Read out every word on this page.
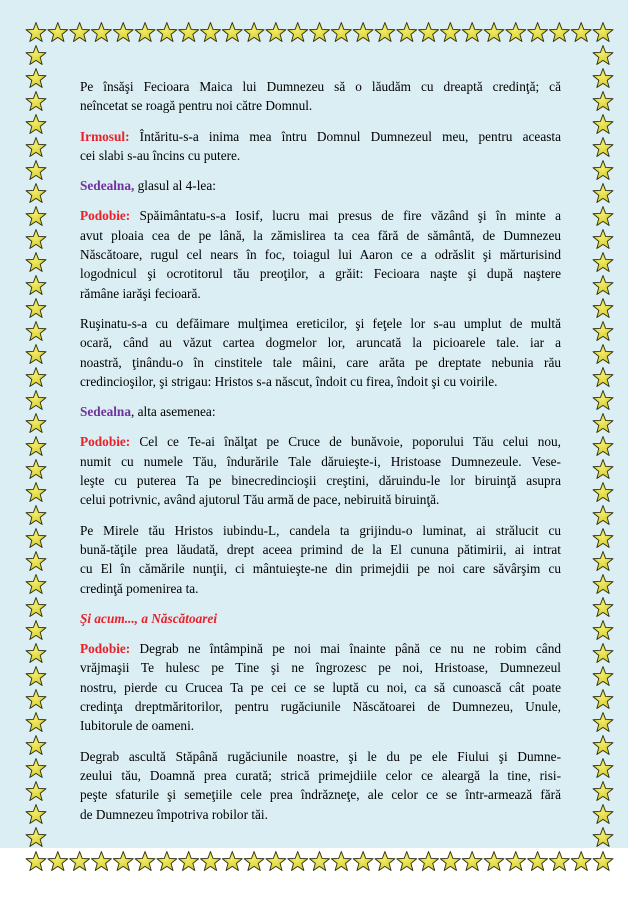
Pe însăşi Fecioara Maica lui Dumnezeu să o lăudăm cu dreaptă credinţă; că
neîncetat se roagă pentru noi către Domnul.
Irmosul: Întăritu-s-a inima mea întru Domnul Dumnezeul meu, pentru aceasta
cei slabi s-au încins cu putere.
Sedealna, glasul al 4-lea:
Podobie: Spăimântatu-s-a Iosif, lucru mai presus de fire văzând şi în minte a
avut ploaia cea de pe lână, la zămislirea ta cea fără de sământă, de Dumnezeu
Născătoare, rugul cel nears în foc, toiagul lui Aaron ce a odrăslit şi mărturisind
logodnicul şi ocrotitorul tău preoţilor, a grăit: Fecioara naşte şi după naştere
rămâne iarăşi fecioară.
Ruşinatu-s-a cu defăimare mulţimea ereticilor, şi feţele lor s-au umplut de multă
ocară, când au văzut cartea dogmelor lor, aruncată la picioarele tale. iar a
noastră, ţinându-o în cinstitele tale mâini, care arăta pe dreptate nebunia rău
credincioşilor, şi strigau: Hristos s-a născut, îndoit cu firea, îndoit şi cu voirile.
Sedealna, alta asemenea:
Podobie: Cel ce Te-ai înălţat pe Cruce de bunăvoie, poporului Tău celui nou,
numit cu numele Tău, îndurările Tale dăruieşte-i, Hristoase Dumnezeule. Vese-
leşte cu puterea Ta pe binecredincioşii creştini, dăruindu-le lor biruinţă asupra
celui potrivnic, având ajutorul Tău armă de pace, nebiruită biruinţă.
Pe Mirele tău Hristos iubindu-L, candela ta grijindu-o luminat, ai strălucit cu
bună-tăţile prea lăudată, drept aceea primind de la El cununa pătimirii, ai intrat
cu El în cămările nunţii, ci mântuieşte-ne din primejdii pe noi care săvârşim cu
credinţă pomenirea ta.
Şi acum..., a Născătoarei
Podobie: Degrab ne întâmpină pe noi mai înainte până ce nu ne robim când
vrăjmaşii Te hulesc pe Tine şi ne îngrozesc pe noi, Hristoase, Dumnezeul
nostru, pierde cu Crucea Ta pe cei ce se luptă cu noi, ca să cunoască cât poate
credinţa dreptmăritorilor, pentru rugăciunile Născătoarei de Dumnezeu, Unule,
Iubitorule de oameni.
Degrab ascultă Stăpână rugăciunile noastre, şi le du pe ele Fiului şi Dumne-
zeului tău, Doamnă prea curată; strică primejdiile celor ce aleargă la tine, risi-
peşte sfaturile şi semeţiile cele prea îndrăzneţe, ale celor ce se într-armează fără
de Dumnezeu împotriva robilor tăi.
